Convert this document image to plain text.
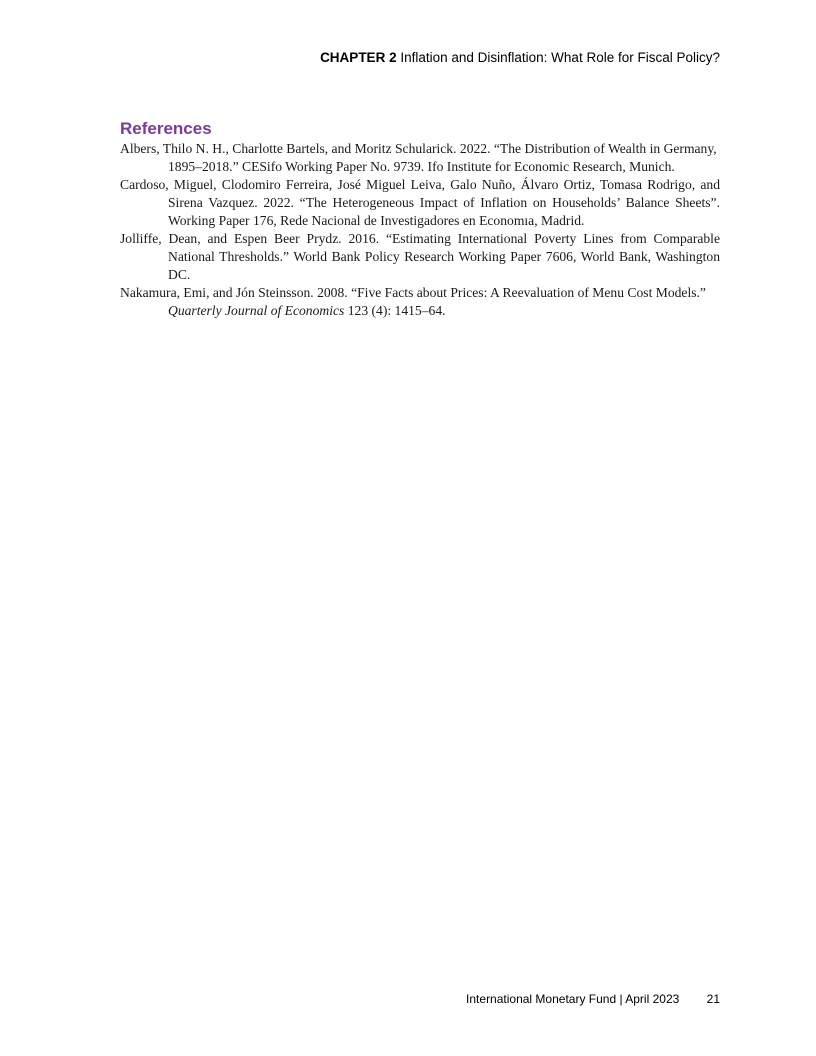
CHAPTER 2 Inflation and Disinflation: What Role for Fiscal Policy?
References
Albers, Thilo N. H., Charlotte Bartels, and Moritz Schularick. 2022. “The Distribution of Wealth in Germany, 1895–2018.” CESifo Working Paper No. 9739. Ifo Institute for Economic Research, Munich.
Cardoso, Miguel, Clodomiro Ferreira, José Miguel Leiva, Galo Nuño, Álvaro Ortiz, Tomasa Rodrigo, and Sirena Vazquez. 2022. “The Heterogeneous Impact of Inflation on Households’ Balance Sheets”. Working Paper 176, Rede Nacional de Investigadores en Economıa, Madrid.
Jolliffe, Dean, and Espen Beer Prydz. 2016. “Estimating International Poverty Lines from Comparable National Thresholds.” World Bank Policy Research Working Paper 7606, World Bank, Washington DC.
Nakamura, Emi, and Jón Steinsson. 2008. “Five Facts about Prices: A Reevaluation of Menu Cost Models.” Quarterly Journal of Economics 123 (4): 1415–64.
International Monetary Fund | April 2023 21
